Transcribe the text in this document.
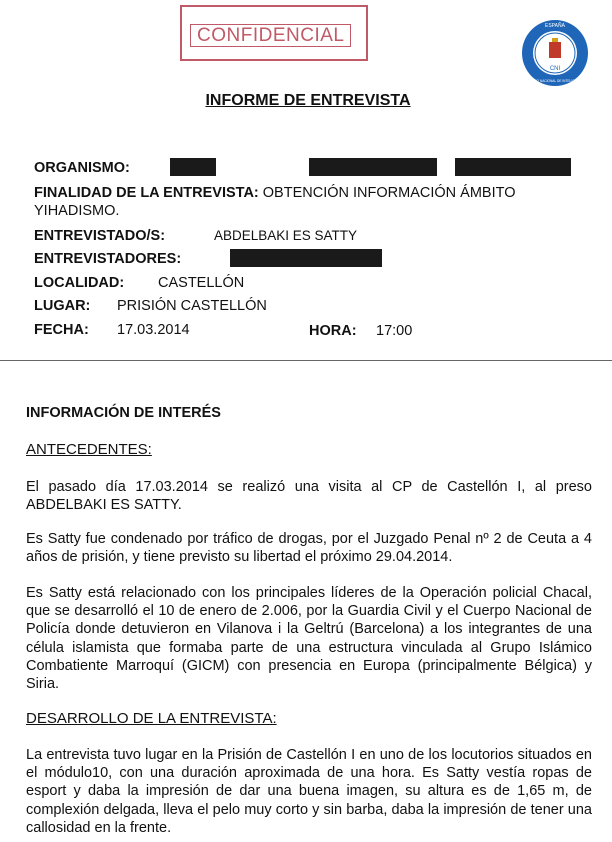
CONFIDENCIAL
CNI
ESPAÑA
CENTRO NACIONAL DE INTELIGENCIA
INFORME DE ENTREVISTA
ORGANISMO:
FINALIDAD DE LA ENTREVISTA: OBTENCIÓN INFORMACIÓN ÁMBITO
YIHADISMO.
ENTREVISTADO/S:	ABDELBAKI ES SATTY
ENTREVISTADORES:
LOCALIDAD: CASTELLÓN
LUGAR: PRISIÓN CASTELLÓN
FECHA: 17.03.2014	HORA: 17:00
INFORMACIÓN DE INTERÉS
ANTECEDENTES:
El pasado día 17.03.2014 se realizó una visita al CP de Castellón I, al preso ABDELBAKI ES SATTY.
Es Satty fue condenado por tráfico de drogas, por el Juzgado Penal nº 2 de Ceuta a 4 años de prisión, y tiene previsto su libertad el próximo 29.04.2014.
Es Satty está relacionado con los principales líderes de la Operación policial Chacal, que se desarrolló el 10 de enero de 2.006, por la Guardia Civil y el Cuerpo Nacional de Policía donde detuvieron en Vilanova i la Geltrú (Barcelona) a los integrantes de una célula islamista que formaba parte de una estructura vinculada al Grupo Islámico Combatiente Marroquí (GICM) con presencia en Europa (principalmente Bélgica) y Siria.
DESARROLLO DE LA ENTREVISTA:
La entrevista tuvo lugar en la Prisión de Castellón I en uno de los locutorios situados en el módulo10, con una duración aproximada de una hora. Es Satty vestía ropas de esport y daba la impresión de dar una buena imagen, su altura es de 1,65 m, de complexión delgada, lleva el pelo muy corto y sin barba, daba la impresión de tener una callosidad en la frente.
